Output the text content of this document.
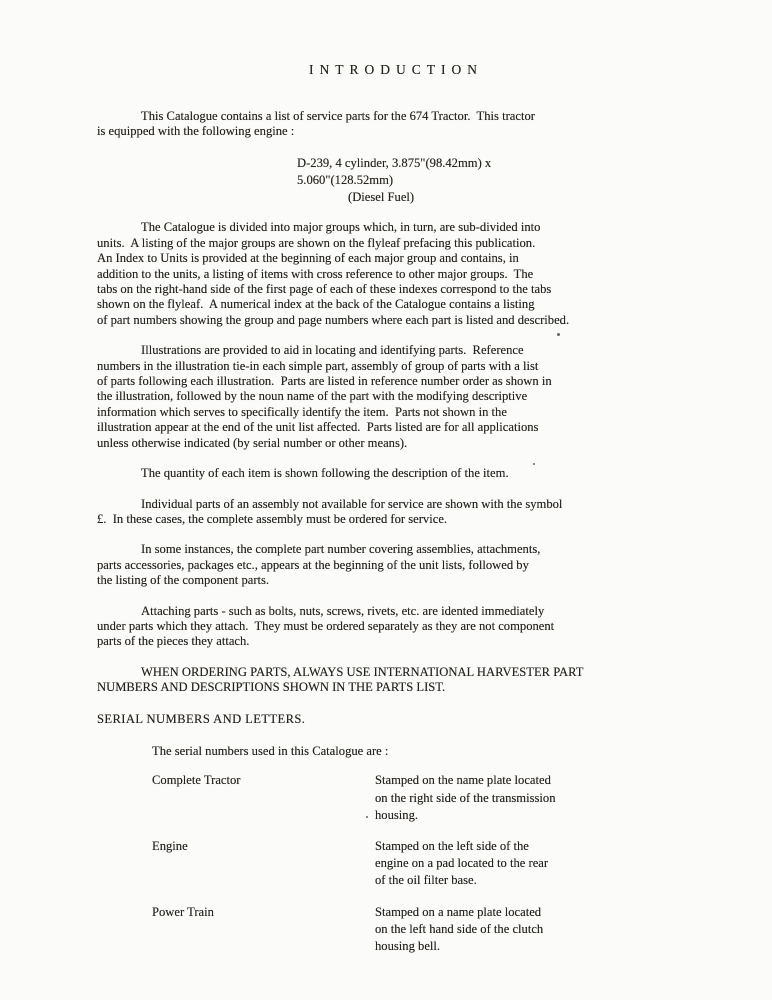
INTRODUCTION
This Catalogue contains a list of service parts for the 674 Tractor.  This tractor
is equipped with the following engine :
D-239, 4 cylinder, 3.875"(98.42mm) x
5.060"(128.52mm)
(Diesel Fuel)
The Catalogue is divided into major groups which, in turn, are sub-divided into
units.  A listing of the major groups are shown on the flyleaf prefacing this publication.
An Index to Units is provided at the beginning of each major group and contains, in
addition to the units, a listing of items with cross reference to other major groups.  The
tabs on the right-hand side of the first page of each of these indexes correspond to the tabs
shown on the flyleaf.  A numerical index at the back of the Catalogue contains a listing
of part numbers showing the group and page numbers where each part is listed and described.
Illustrations are provided to aid in locating and identifying parts.  Reference
numbers in the illustration tie-in each simple part, assembly of group of parts with a list
of parts following each illustration.  Parts are listed in reference number order as shown in
the illustration, followed by the noun name of the part with the modifying descriptive
information which serves to specifically identify the item.  Parts not shown in the
illustration appear at the end of the unit list affected.  Parts listed are for all applications
unless otherwise indicated (by serial number or other means).
The quantity of each item is shown following the description of the item.
Individual parts of an assembly not available for service are shown with the symbol
£.  In these cases, the complete assembly must be ordered for service.
In some instances, the complete part number covering assemblies, attachments,
parts accessories, packages etc., appears at the beginning of the unit lists, followed by
the listing of the component parts.
Attaching parts - such as bolts, nuts, screws, rivets, etc. are idented immediately
under parts which they attach.  They must be ordered separately as they are not component
parts of the pieces they attach.
WHEN ORDERING PARTS, ALWAYS USE INTERNATIONAL HARVESTER PART
NUMBERS AND DESCRIPTIONS SHOWN IN THE PARTS LIST.
SERIAL NUMBERS AND LETTERS.
The serial numbers used in this Catalogue are :
Complete Tractor	Stamped on the name plate located
on the right side of the transmission
housing.
Engine	Stamped on the left side of the
engine on a pad located to the rear
of the oil filter base.
Power Train	Stamped on a name plate located
on the left hand side of the clutch
housing bell.
